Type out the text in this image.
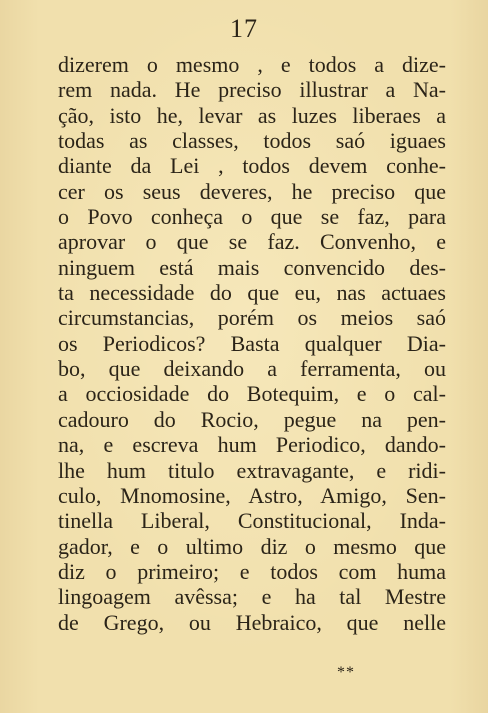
17
dizerem o mesmo , e todos a dize-
rem nada. He preciso illustrar a Na-
ção, isto he, levar as luzes liberaes a
todas as classes, todos saó iguaes
diante da Lei , todos devem conhe-
cer os seus deveres, he preciso que
o Povo conheça o que se faz, para
aprovar o que se faz. Convenho, e
ninguem está mais convencido des-
ta necessidade do que eu, nas actuaes
circumstancias, porém os meios saó
os Periodicos? Basta qualquer Dia-
bo, que deixando a ferramenta, ou
a occiosidade do Botequim, e o cal-
cadouro do Rocio, pegue na pen-
na, e escreva hum Periodico, dando-
lhe hum titulo extravagante, e ridi-
culo, Mnomosine, Astro, Amigo, Sen-
tinella Liberal, Constitucional, Inda-
gador, e o ultimo diz o mesmo que
diz o primeiro; e todos com huma
lingoagem avêssa; e ha tal Mestre
de Grego, ou Hebraico, que nelle
**
